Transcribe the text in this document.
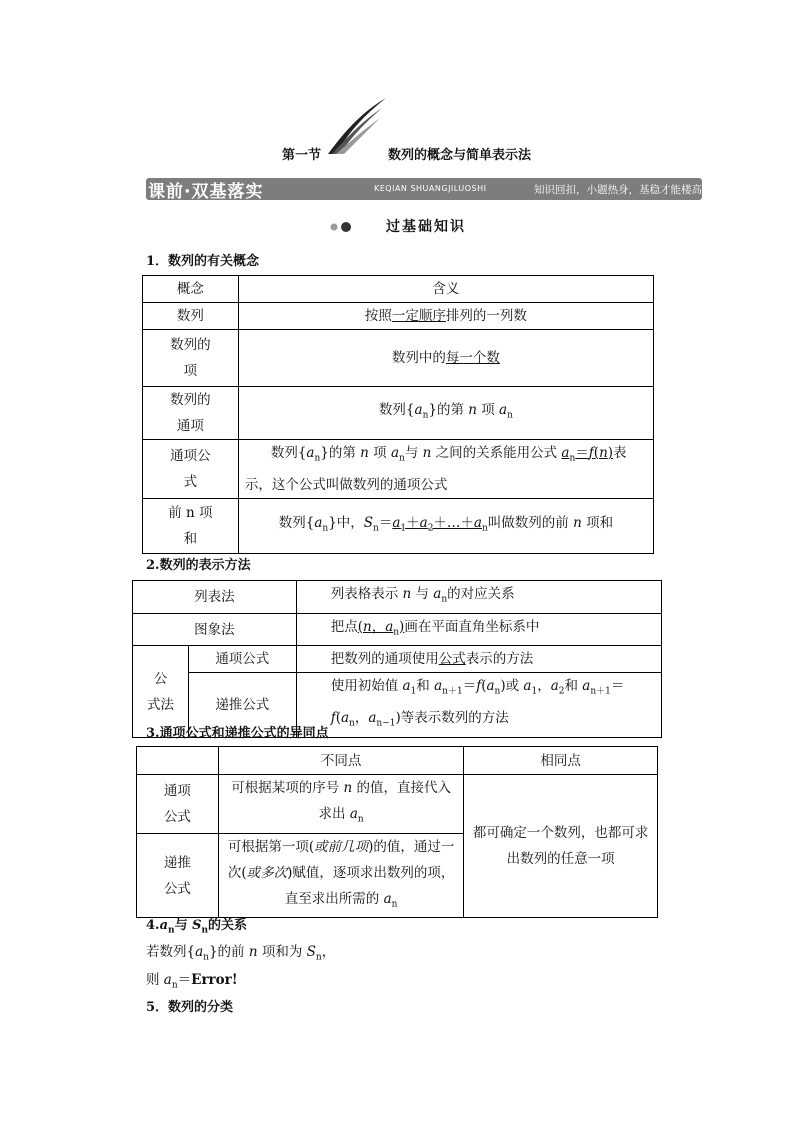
第一节	数列的概念与简单表示法
课前·双基落实	KEQIAN SHUANGJILUOSHI	知识回扣，小题热身，基稳才能楼高
过基础知识
1．数列的有关概念
概念	含义
数列	按照一定顺序排列的一列数
数列的
项	数列中的每一个数
数列的
通项	数列$\{a_n\}$的第 n 项 $a_n$
通项公
式	数列$\{a_n\}$的第 n 项 $a_n$与 n 之间的关系能用公式 $a_n=f(n)$表示，这个公式叫做数列的通项公式
前 n 项
和	数列$\{a_n\}$中，$S_n=a_1+a_2+\dots+a_n$叫做数列的前 n 项和
2.数列的表示方法
列表法		列表格表示 n 与 $a_n$的对应关系
图象法		把点(n，$a_n$)画在平面直角坐标系中
公
式法	通项公式	把数列的通项使用公式表示的方法
	递推公式	使用初始值 $a_1$和 $a_{n+1}=f(a_n)$或 $a_1$，$a_2$和 $a_{n+1}=f(a_n$，$a_{n-1}$)等表示数列的方法
3.通项公式和递推公式的异同点
	不同点	相同点
通项
公式	可根据某项的序号 n 的值，直接代入求出 $a_n$	都可确定一个数列，也都可求出数列的任意一项
递推
公式	可根据第一项(或前几项)的值，通过一次(或多次)赋值，逐项求出数列的项，直至求出所需的 $a_n$
$4.a_n$与 $S_n$的关系
若数列$\{a_n\}$的前 n 项和为 $S_n$，
则 $a_n=Error$!
5．数列的分类
